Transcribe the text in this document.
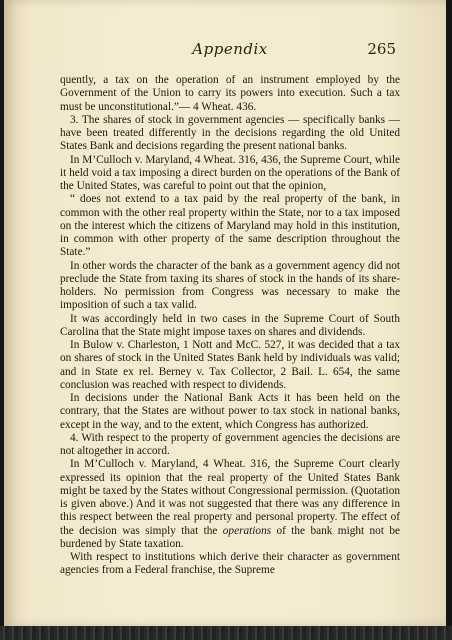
Appendix	265

quently, a tax on the operation of an instrument employed by the Government of the Union to carry its powers into execution. Such a tax must be unconstitutional.”— 4 Wheat. 436.

3. The shares of stock in government agencies — specifically banks — have been treated differently in the decisions regarding the old United States Bank and decisions regarding the present national banks.

In M’Culloch v. Maryland, 4 Wheat. 316, 436, the Supreme Court, while it held void a tax imposing a direct burden on the operations of the Bank of the United States, was careful to point out that the opinion,

“ does not extend to a tax paid by the real property of the bank, in common with the other real property within the State, nor to a tax imposed on the interest which the citizens of Maryland may hold in this institution, in common with other property of the same description throughout the State.”

In other words the character of the bank as a government agency did not preclude the State from taxing its shares of stock in the hands of its share-holders. No permission from Congress was necessary to make the imposition of such a tax valid.

It was accordingly held in two cases in the Supreme Court of South Carolina that the State might impose taxes on shares and dividends.

In Bulow v. Charleston, 1 Nott and McC. 527, it was decided that a tax on shares of stock in the United States Bank held by individuals was valid; and in State ex rel. Berney v. Tax Collector, 2 Bail. L. 654, the same conclusion was reached with respect to dividends.

In decisions under the National Bank Acts it has been held on the contrary, that the States are without power to tax stock in national banks, except in the way, and to the extent, which Congress has authorized.

4. With respect to the property of government agencies the decisions are not altogether in accord.

In M’Culloch v. Maryland, 4 Wheat. 316, the Supreme Court clearly expressed its opinion that the real property of the United States Bank might be taxed by the States without Congressional permission. (Quotation is given above.) And it was not suggested that there was any difference in this respect between the real property and personal property. The effect of the decision was simply that the operations of the bank might not be burdened by State taxation.

With respect to institutions which derive their character as government agencies from a Federal franchise, the Supreme
